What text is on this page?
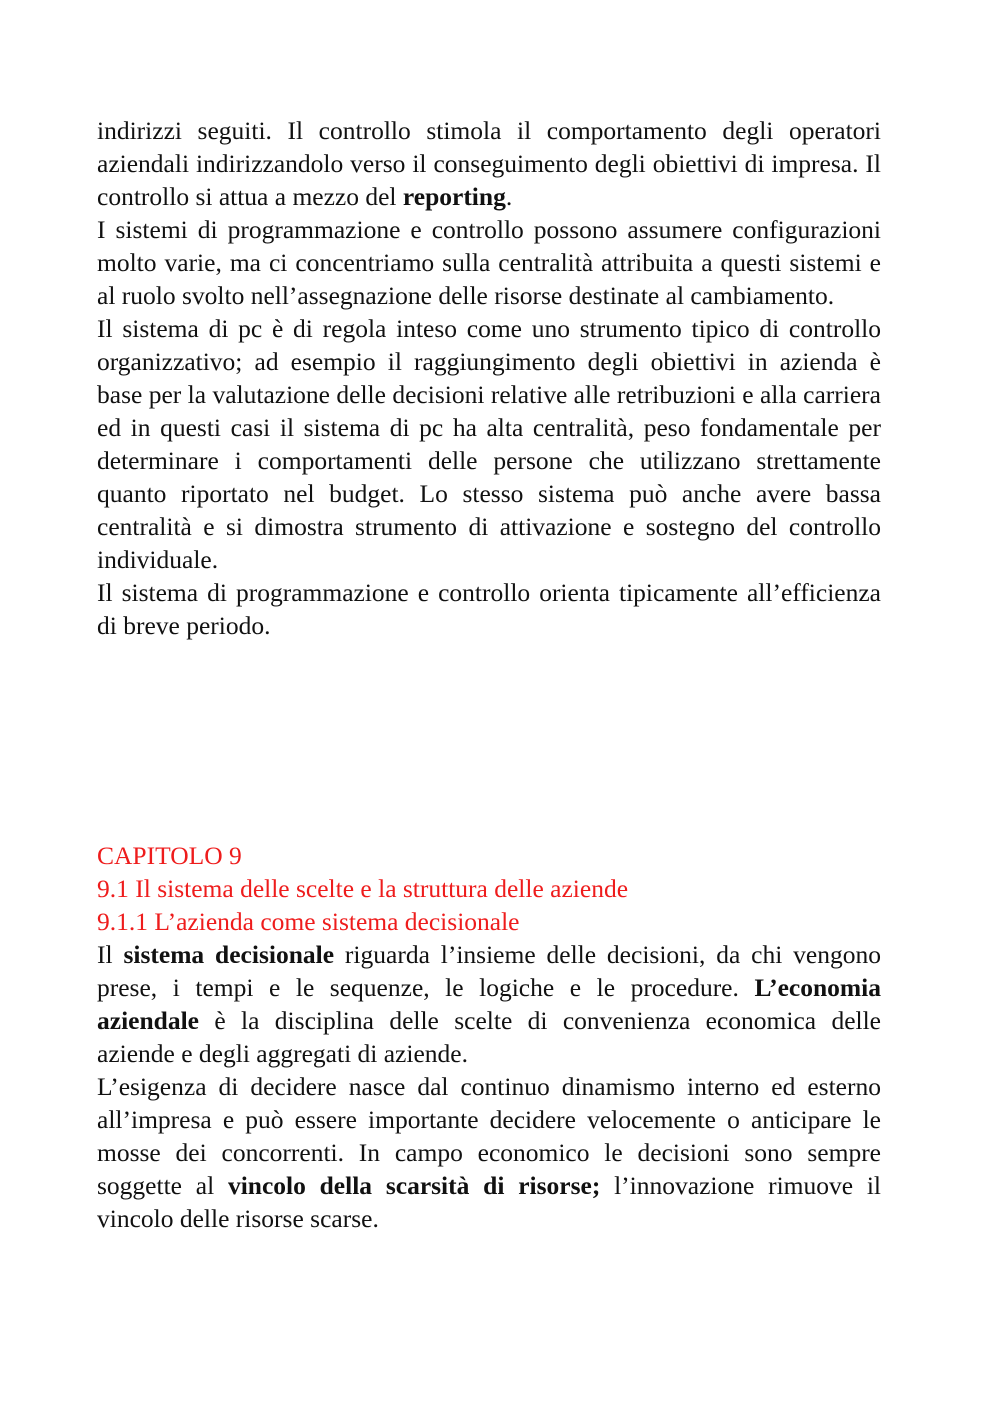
indirizzi seguiti. Il controllo stimola il comportamento degli operatori aziendali indirizzandolo verso il conseguimento degli obiettivi di impresa. Il controllo si attua a mezzo del reporting.

I sistemi di programmazione e controllo possono assumere configurazioni molto varie, ma ci concentriamo sulla centralità attribuita a questi sistemi e al ruolo svolto nell’assegnazione delle risorse destinate al cambiamento.

Il sistema di pc è di regola inteso come uno strumento tipico di controllo organizzativo; ad esempio il raggiungimento degli obiettivi in azienda è base per la valutazione delle decisioni relative alle retribuzioni e alla carriera ed in questi casi il sistema di pc ha alta centralità, peso fondamentale per determinare i comportamenti delle persone che utilizzano strettamente quanto riportato nel budget. Lo stesso sistema può anche avere bassa centralità e si dimostra strumento di attivazione e sostegno del controllo individuale.

Il sistema di programmazione e controllo orienta tipicamente all’efficienza di breve periodo.

CAPITOLO 9
9.1 Il sistema delle scelte e la struttura delle aziende
9.1.1 L’azienda come sistema decisionale

Il sistema decisionale riguarda l’insieme delle decisioni, da chi vengono prese, i tempi e le sequenze, le logiche e le procedure. L’economia aziendale è la disciplina delle scelte di convenienza economica delle aziende e degli aggregati di aziende.

L’esigenza di decidere nasce dal continuo dinamismo interno ed esterno all’impresa e può essere importante decidere velocemente o anticipare le mosse dei concorrenti. In campo economico le decisioni sono sempre soggette al vincolo della scarsità di risorse; l’innovazione rimuove il vincolo delle risorse scarse.
